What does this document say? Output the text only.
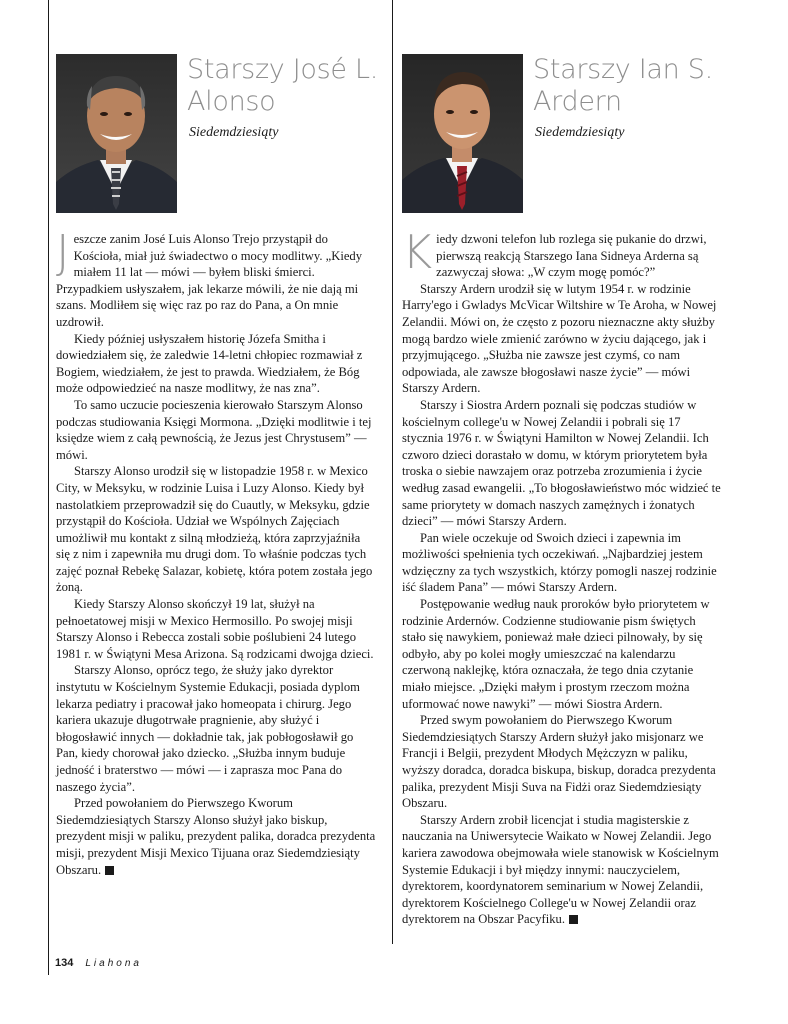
Starszy José L. Alonso
Siedemdziesiąty

Jeszcze zanim José Luis Alonso Trejo przystąpił do Kościoła, miał już świadectwo o mocy modlitwy. „Kiedy miałem 11 lat — mówi — byłem bliski śmierci. Przypadkiem usłyszałem, jak lekarze mówili, że nie dają mi szans. Modliłem się więc raz po raz do Pana, a On mnie uzdrowił.

Kiedy później usłyszałem historię Józefa Smitha i dowiedziałem się, że zaledwie 14-letni chłopiec rozmawiał z Bogiem, wiedziałem, że jest to prawda. Wiedziałem, że Bóg może odpowiedzieć na nasze modlitwy, że nas zna”.

To samo uczucie pocieszenia kierowało Starszym Alonso podczas studiowania Księgi Mormona. „Dzięki modlitwie i tej księdze wiem z całą pewnością, że Jezus jest Chrystusem” — mówi.

Starszy Alonso urodził się w listopadzie 1958 r. w Mexico City, w Meksyku, w rodzinie Luisa i Luzy Alonso. Kiedy był nastolatkiem przeprowadził się do Cuautly, w Meksyku, gdzie przystąpił do Kościoła. Udział we Wspólnych Zajęciach umożliwił mu kontakt z silną młodzieżą, która zaprzyjaźniła się z nim i zapewniła mu drugi dom. To właśnie podczas tych zajęć poznał Rebekę Salazar, kobietę, która potem została jego żoną.

Kiedy Starszy Alonso skończył 19 lat, służył na pełnoetatowej misji w Mexico Hermosillo. Po swojej misji Starszy Alonso i Rebecca zostali sobie poślubieni 24 lutego 1981 r. w Świątyni Mesa Arizona. Są rodzicami dwojga dzieci.

Starszy Alonso, oprócz tego, że służy jako dyrektor instytutu w Kościelnym Systemie Edukacji, posiada dyplom lekarza pediatry i pracował jako homeopata i chirurg. Jego kariera ukazuje długotrwałe pragnienie, aby służyć i błogosławić innych — dokładnie tak, jak pobłogosławił go Pan, kiedy chorował jako dziecko. „Służba innym buduje jedność i braterstwo — mówi — i zaprasza moc Pana do naszego życia”.

Przed powołaniem do Pierwszego Kworum Siedemdziesiątych Starszy Alonso służył jako biskup, prezydent misji w paliku, prezydent palika, doradca prezydenta misji, prezydent Misji Mexico Tijuana oraz Siedemdziesiąty Obszaru.

Starszy Ian S. Ardern
Siedemdziesiąty

Kiedy dzwoni telefon lub rozlega się pukanie do drzwi, pierwszą reakcją Starszego Iana Sidneya Arderna są zazwyczaj słowa: „W czym mogę pomóc?”

Starszy Ardern urodził się w lutym 1954 r. w rodzinie Harry'ego i Gwladys McVicar Wiltshire w Te Aroha, w Nowej Zelandii. Mówi on, że często z pozoru nieznaczne akty służby mogą bardzo wiele zmienić zarówno w życiu dającego, jak i przyjmującego. „Służba nie zawsze jest czymś, co nam odpowiada, ale zawsze błogosławi nasze życie” — mówi Starszy Ardern.

Starszy i Siostra Ardern poznali się podczas studiów w kościelnym college'u w Nowej Zelandii i pobrali się 17 stycznia 1976 r. w Świątyni Hamilton w Nowej Zelandii. Ich czworo dzieci dorastało w domu, w którym priorytetem była troska o siebie nawzajem oraz potrzeba zrozumienia i życie według zasad ewangelii. „To błogosławieństwo móc widzieć te same priorytety w domach naszych zamężnych i żonatych dzieci” — mówi Starszy Ardern.

Pan wiele oczekuje od Swoich dzieci i zapewnia im możliwości spełnienia tych oczekiwań. „Najbardziej jestem wdzięczny za tych wszystkich, którzy pomogli naszej rodzinie iść śladem Pana” — mówi Starszy Ardern.

Postępowanie według nauk proroków było priorytetem w rodzinie Ardernów. Codzienne studiowanie pism świętych stało się nawykiem, ponieważ małe dzieci pilnowały, by się odbyło, aby po kolei mogły umieszczać na kalendarzu czerwoną naklejkę, która oznaczała, że tego dnia czytanie miało miejsce. „Dzięki małym i prostym rzeczom można uformować nowe nawyki” — mówi Siostra Ardern.

Przed swym powołaniem do Pierwszego Kworum Siedemdziesiątych Starszy Ardern służył jako misjonarz we Francji i Belgii, prezydent Młodych Mężczyzn w paliku, wyższy doradca, doradca biskupa, biskup, doradca prezydenta palika, prezydent Misji Suva na Fidżi oraz Siedemdziesiąty Obszaru.

Starszy Ardern zrobił licencjat i studia magisterskie z nauczania na Uniwersytecie Waikato w Nowej Zelandii. Jego kariera zawodowa obejmowała wiele stanowisk w Kościelnym Systemie Edukacji i był między innymi: nauczycielem, dyrektorem, koordynatorem seminarium w Nowej Zelandii, dyrektorem Kościelnego College'u w Nowej Zelandii oraz dyrektorem na Obszar Pacyfiku.

134 Liahona
